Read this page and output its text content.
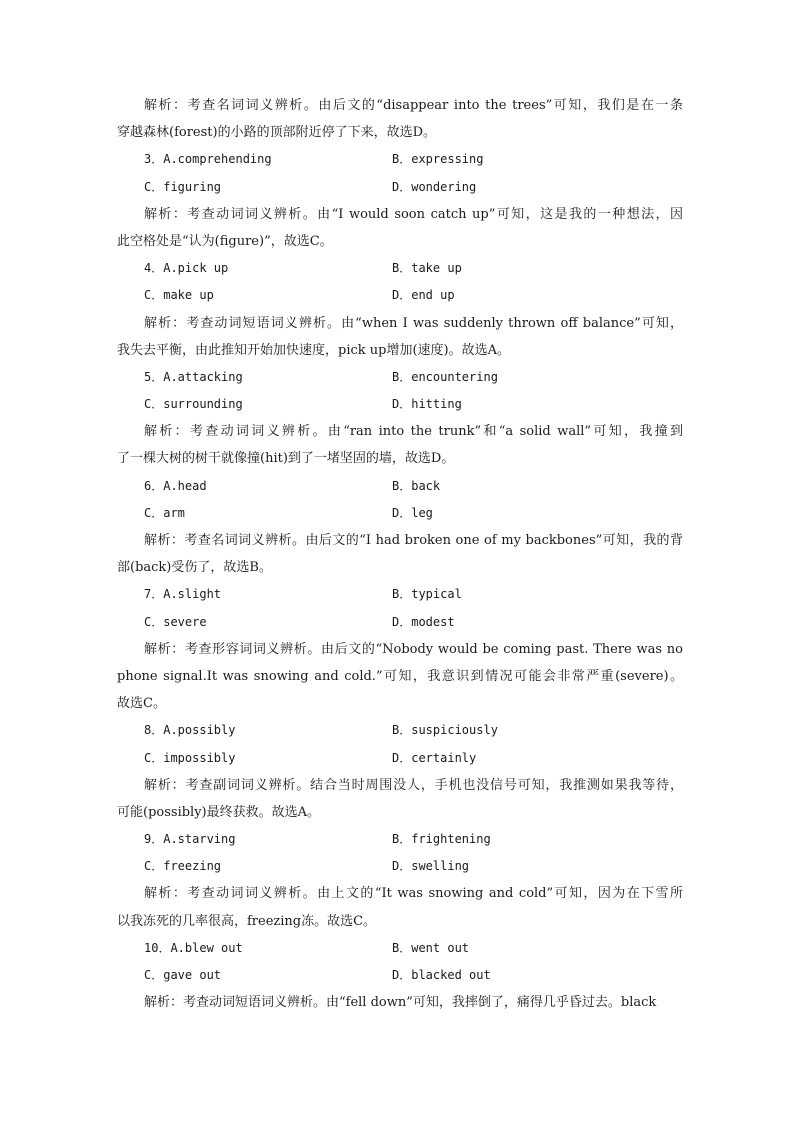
解析：考查名词词义辨析。由后文的“disappear into the trees”可知，我们是在一条
穿越森林(forest)的小路的顶部附近停了下来，故选D。
3．A.comprehending	B．expressing
C．figuring	D．wondering
解析：考查动词词义辨析。由“I would soon catch up”可知，这是我的一种想法，因
此空格处是“认为(figure)”，故选C。
4．A.pick up	B．take up
C．make up	D．end up
解析：考查动词短语词义辨析。由“when I was suddenly thrown off balance”可知，
我失去平衡，由此推知开始加快速度，pick up增加(速度)。故选A。
5．A.attacking	B．encountering
C．surrounding	D．hitting
解析：考查动词词义辨析。由“ran into the trunk”和“a solid wall”可知，我撞到
了一棵大树的树干就像撞(hit)到了一堵坚固的墙，故选D。
6．A.head	B．back
C．arm	D．leg
解析：考查名词词义辨析。由后文的“I had broken one of my backbones”可知，我的背
部(back)受伤了，故选B。
7．A.slight	B．typical
C．severe	D．modest
解析：考查形容词词义辨析。由后文的“Nobody would be coming past. There was no
phone signal.It was snowing and cold.”可知，我意识到情况可能会非常严重(severe)。
故选C。
8．A.possibly	B．suspiciously
C．impossibly	D．certainly
解析：考查副词词义辨析。结合当时周围没人，手机也没信号可知，我推测如果我等待，
可能(possibly)最终获救。故选A。
9．A.starving	B．frightening
C．freezing	D．swelling
解析：考查动词词义辨析。由上文的“It was snowing and cold”可知，因为在下雪所
以我冻死的几率很高，freezing冻。故选C。
10．A.blew out	B．went out
C．gave out	D．blacked out
解析：考查动词短语词义辨析。由“fell down”可知，我摔倒了，痛得几乎昏过去。black
